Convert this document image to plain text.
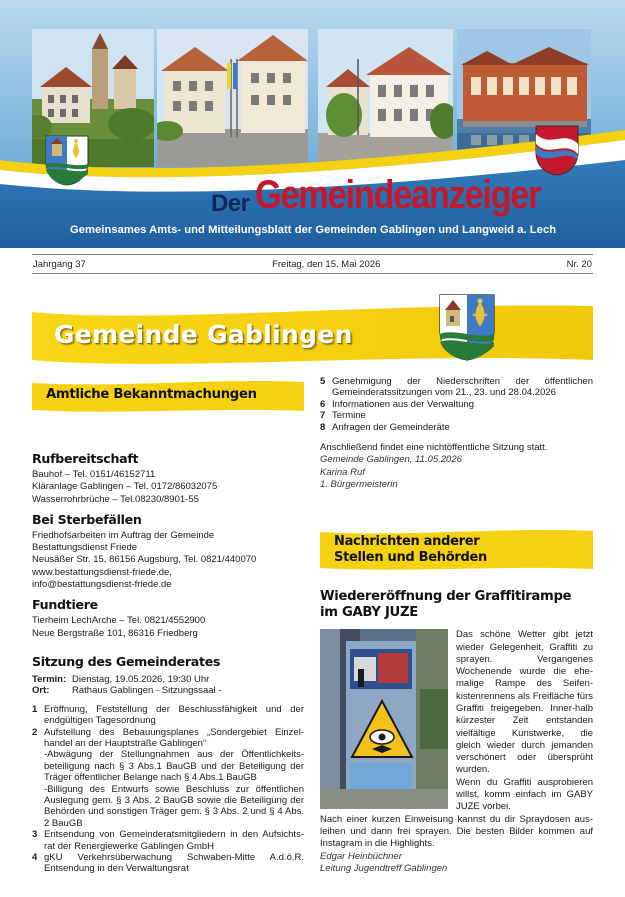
Der Gemeindeanzeiger
Gemeinsames Amts- und Mitteilungsblatt der Gemeinden Gablingen und Langweid a. Lech
Jahrgang 37	Freitag, den 15. Mai 2026	Nr. 20
Gemeinde Gablingen
Amtliche Bekanntmachungen
Rufbereitschaft
Bauhof – Tel. 0151/46152711
Kläranlage Gablingen – Tel. 0172/86032075
Wasserrohrbrüche – Tel.08230/8901-55
Bei Sterbefällen
Friedhofsarbeiten im Auftrag der Gemeinde
Bestattungsdienst Friede
Neusäßer Str. 15, 86156 Augsburg, Tel. 0821/440070
www.bestattungsdienst-friede.de,
info@bestattungsdienst-friede.de
Fundtiere
Tierheim LechArche – Tel. 0821/4552900
Neue Bergstraße 101, 86316 Friedberg
Sitzung des Gemeinderates
Termin: Dienstag, 19.05.2026, 19:30 Uhr
Ort:	Rathaus Gablingen - Sitzungssaal -
1 Eröffnung, Feststellung der Beschlussfähigkeit und der endgültigen Tagesordnung
2 Aufstellung des Bebauungsplanes „Sondergebiet Einzel-handel an der Hauptstraße Gablingen“
-Abwägung der Stellungnahmen aus der Öffentlichkeits-beteiligung nach § 3 Abs.1 BauGB und der Beteiligung der Träger öffentlicher Belange nach § 4 Abs.1 BauGB
-Billigung des Entwurfs sowie Beschluss zur öffentlichen Auslegung gem. § 3 Abs. 2 BauGB sowie die Beteiligung der Behörden und sonstigen Träger gem. § 3 Abs. 2 und § 4 Abs. 2 BauGB
3 Entsendung von Gemeinderatsmitgliedern in den Aufsichts-rat der Renergiewerke Gablingen GmbH
4 gKU Verkehrsüberwachung Schwaben-Mitte A.d.ö.R. Entsendung in den Verwaltungsrat
5 Genehmigung der Niederschriften der öffentlichen Gemeinderatssitzungen vom 21., 23. und 28.04.2026
6 Informationen aus der Verwaltung
7 Termine
8 Anfragen der Gemeinderäte
Anschließend findet eine nichtöffentliche Sitzung statt.
Gemeinde Gablingen, 11.05.2026
Karina Ruf
1. Bürgermeisterin
Nachrichten anderer
Stellen und Behörden
Wiedereröffnung der Graffitirampe
im GABY JUZE

Das schöne Wetter gibt jetzt wieder Gelegenheit, Graffiti zu sprayen. Vergangenes Wochenende wurde die ehe-malige Rampe des Seifen-kistenrennens als Freifläche fürs Graffiti freigegeben. Inner-halb kürzester Zeit entstanden vielfältige Kunstwerke, die gleich wieder durch jemanden verschönert oder übersprüht wurden.

Wenn du Graffiti ausprobieren willst, komm einfach im GABY JUZE vorbei.

Nach einer kurzen Einweisung kannst du dir Spraydosen aus-leihen und dann frei sprayen. Die besten Bilder kommen auf Instagram in die Highlights.

Edgar Heinbüchner
Leitung Jugendtreff Gablingen
